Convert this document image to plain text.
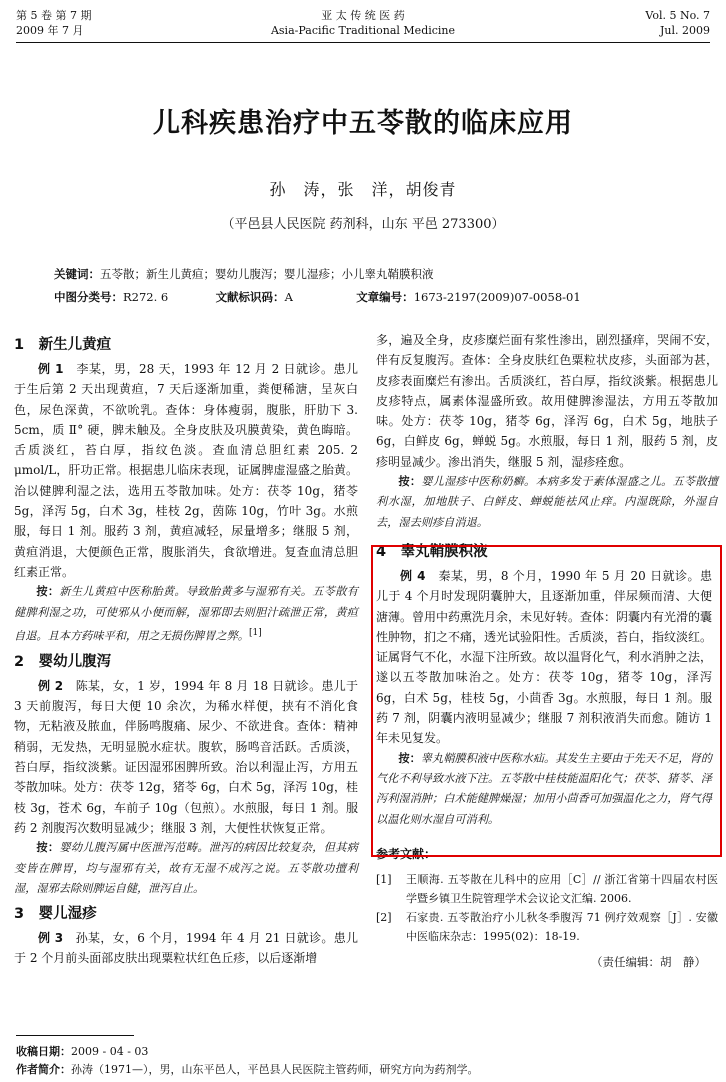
第 5 卷 第 7 期
2009 年 7 月
亚 太 传 统 医 药
Asia-Pacific Traditional Medicine
Vol. 5 No. 7
Jul. 2009
儿科疾患治疗中五苓散的临床应用
孙　涛，张　洋，胡俊青
（平邑县人民医院 药剂科，山东 平邑 273300）
关键词：五苓散；新生儿黄疸；婴幼儿腹泻；婴儿湿疹；小儿睾丸鞘膜积液
中图分类号：R272. 6	文献标识码：A	文章编号：1673-2197(2009)07-0058-01
1　新生儿黄疸

例 1　李某，男，28 天，1993 年 12 月 2 日就诊。患儿于生后第 2 天出现黄疸，7 天后逐渐加重，粪便稀溏，呈灰白色，尿色深黄，不欲吮乳。查体：身体瘦弱，腹胀，肝肋下 3. 5cm，质 Ⅱ° 硬，脾未触及。全身皮肤及巩膜黄染，黄色晦暗。舌质淡红，苔白厚，指纹色淡。查血清总胆红素 205. 2 μmol/L，肝功正常。根据患儿临床表现，证属脾虚湿盛之胎黄。治以健脾利湿之法，选用五苓散加味。处方：茯苓 10g，猪苓 5g，泽泻 5g，白术 3g，桂枝 2g，茵陈 10g，竹叶 3g。水煎服，每日 1 剂。服药 3 剂，黄疸减轻，尿量增多；继服 5 剂，黄疸消退，大便颜色正常，腹胀消失，食欲增进。复查血清总胆红素正常。

按：新生儿黄疸中医称胎黄。导致胎黄多与湿邪有关。五苓散有健脾利湿之功，可使邪从小便而解，湿邪即去则胆汁疏泄正常，黄疸自退。且本方药味平和，用之无损伤脾胃之弊。[1]

2　婴幼儿腹泻

例 2　陈某，女，1 岁，1994 年 8 月 18 日就诊。患儿于 3 天前腹泻，每日大便 10 余次，为稀水样便，挟有不消化食物，无粘液及脓血，伴肠鸣腹痛、尿少、不欲进食。查体：精神稍弱，无发热，无明显脱水症状。腹软，肠鸣音活跃。舌质淡，苔白厚，指纹淡紫。证因湿邪困脾所致。治以利湿止泻，方用五苓散加味。处方：茯苓 12g，猪苓 6g，白术 5g，泽泻 10g，桂枝 3g，苍术 6g，车前子 10g（包煎）。水煎服，每日 1 剂。服药 2 剂腹泻次数明显减少；继服 3 剂，大便性状恢复正常。

按：婴幼儿腹泻属中医泄泻范畴。泄泻的病因比较复杂，但其病变皆在脾胃，均与湿邪有关，故有无湿不成泻之说。五苓散功擅利湿，湿邪去除则脾运自健，泄泻自止。

3　婴儿湿疹

例 3　孙某，女，6 个月，1994 年 4 月 21 日就诊。患儿于 2 个月前头面部皮肤出现粟粒状红色丘疹，以后逐渐增

多，遍及全身，皮疹糜烂面有浆性渗出，剧烈搔痒，哭闹不安，伴有反复腹泻。查体：全身皮肤红色粟粒状皮疹，头面部为甚，皮疹表面糜烂有渗出。舌质淡红，苔白厚，指纹淡紫。根据患儿皮疹特点，属素体湿盛所致。故用健脾渗湿法，方用五苓散加味。处方：茯苓 10g，猪苓 6g，泽泻 6g，白术 5g，地肤子 6g，白鲜皮 6g，蝉蜕 5g。水煎服，每日 1 剂，服药 5 剂，皮疹明显减少。渗出消失，继服 5 剂，湿疹痊愈。

按：婴儿湿疹中医称奶癣。本病多发于素体湿盛之儿。五苓散擅利水湿，加地肤子、白鲜皮、蝉蜕能祛风止痒。内湿既除，外湿自去，湿去则疹自消退。

4　睾丸鞘膜积液

例 4　秦某，男，8 个月，1990 年 5 月 20 日就诊。患儿于 4 个月时发现阴囊肿大，且逐渐加重，伴尿频而清、大便溏薄。曾用中药熏洗月余，未见好转。查体：阴囊内有光滑的囊性肿物，扪之不痛，透光试验阳性。舌质淡，苔白，指纹淡红。证属肾气不化，水湿下注所致。故以温肾化气，利水消肿之法，遂以五苓散加味治之。处方：茯苓 10g，猪苓 10g，泽泻 6g，白术 5g，桂枝 5g，小茴香 3g。水煎服，每日 1 剂。服药 7 剂，阴囊内液明显减少；继服 7 剂积液消失而愈。随访 1 年未见复发。

按：睾丸鞘膜积液中医称水疝。其发生主要由于先天不足，肾的气化不利导致水液下注。五苓散中桂枝能温阳化气；茯苓、猪苓、泽泻利湿消肿；白术能健脾燥湿；加用小茴香可加强温化之力，肾气得以温化则水湿自可消利。

参考文献：
[1]	王顺海. 五苓散在儿科中的应用［C］// 浙江省第十四届农村医学暨乡镇卫生院管理学术会议论文汇编. 2006.
[2]	石家贵. 五苓散治疗小儿秋冬季腹泻 71 例疗效观察［J］. 安徽中医临床杂志：1995(02)：18-19.
（责任编辑：胡　静）
收稿日期：2009 - 04 - 03
作者简介：孙涛（1971—），男，山东平邑人，平邑县人民医院主管药师，研究方向为药剂学。
